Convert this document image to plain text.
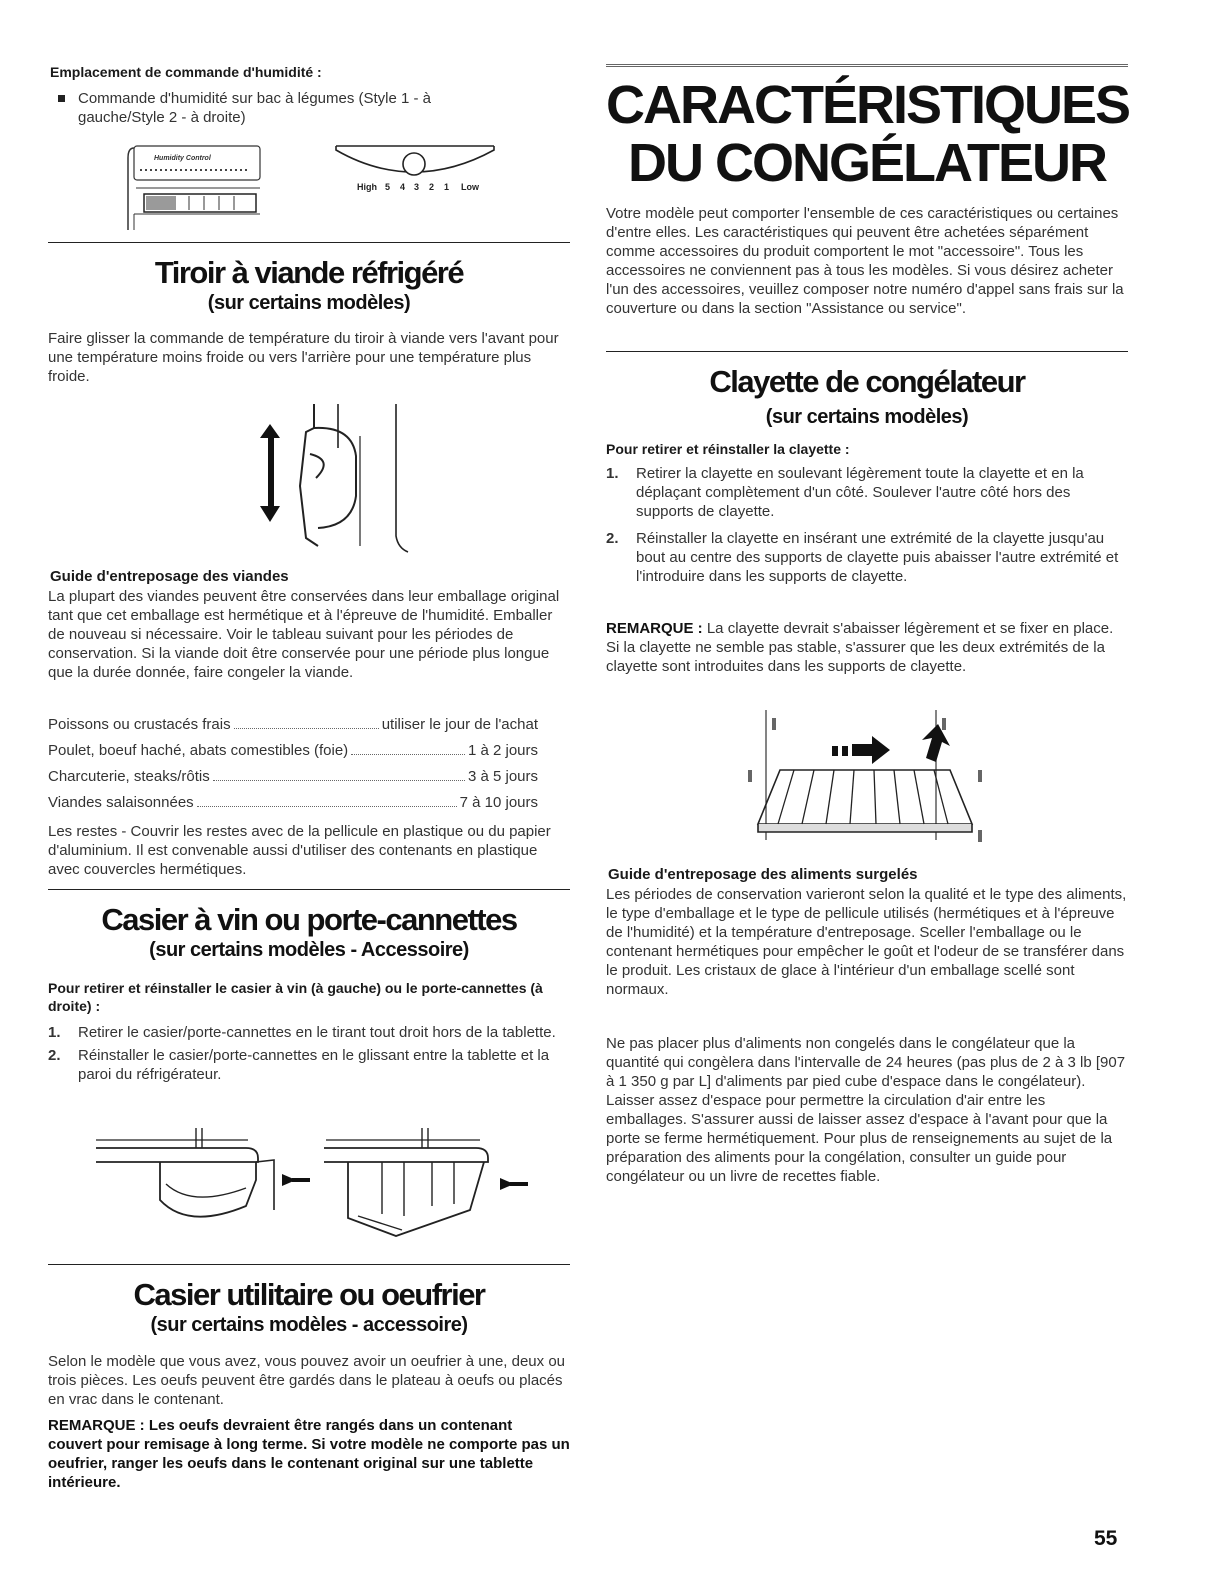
Emplacement de commande d'humidité :

Commande d'humidité sur bac à légumes (Style 1 - à gauche/Style 2 - à droite)
High 5 4 3 2 1 Low
Humidity Control
Tiroir à viande réfrigéré
(sur certains modèles)

Faire glisser la commande de température du tiroir à viande vers l'avant pour une température moins froide ou vers l'arrière pour une température plus froide.

Guide d'entreposage des viandes

La plupart des viandes peuvent être conservées dans leur emballage original tant que cet emballage est hermétique et à l'épreuve de l'humidité. Emballer de nouveau si nécessaire. Voir le tableau suivant pour les périodes de conservation. Si la viande doit être conservée pour une période plus longue que la durée donnée, faire congeler la viande.

Poissons ou crustacés frais	utiliser le jour de l'achat
Poulet, boeuf haché, abats comestibles (foie)	1 à 2 jours
Charcuterie, steaks/rôtis	3 à 5 jours
Viandes salaisonnées	7 à 10 jours

Les restes - Couvrir les restes avec de la pellicule en plastique ou du papier d'aluminium. Il est convenable aussi d'utiliser des contenants en plastique avec couvercles hermétiques.

Casier à vin ou porte-cannettes
(sur certains modèles - Accessoire)

Pour retirer et réinstaller le casier à vin (à gauche) ou le porte-cannettes (à droite) :

1. Retirer le casier/porte-cannettes en le tirant tout droit hors de la tablette.
2. Réinstaller le casier/porte-cannettes en le glissant entre la tablette et la paroi du réfrigérateur.
Casier utilitaire ou oeufrier
(sur certains modèles - accessoire)

Selon le modèle que vous avez, vous pouvez avoir un oeufrier à une, deux ou trois pièces. Les oeufs peuvent être gardés dans le plateau à oeufs ou placés en vrac dans le contenant.

REMARQUE : Les oeufs devraient être rangés dans un contenant couvert pour remisage à long terme. Si votre modèle ne comporte pas un oeufrier, ranger les oeufs dans le contenant original sur une tablette intérieure.

CARACTÉRISTIQUES
DU CONGÉLATEUR

Votre modèle peut comporter l'ensemble de ces caractéristiques ou certaines d'entre elles. Les caractéristiques qui peuvent être achetées séparément comme accessoires du produit comportent le mot "accessoire". Tous les accessoires ne conviennent pas à tous les modèles. Si vous désirez acheter l'un des accessoires, veuillez composer notre numéro d'appel sans frais sur la couverture ou dans la section "Assistance ou service".

Clayette de congélateur
(sur certains modèles)

Pour retirer et réinstaller la clayette :

1. Retirer la clayette en soulevant légèrement toute la clayette et en la déplaçant complètement d'un côté. Soulever l'autre côté hors des supports de clayette.
2. Réinstaller la clayette en insérant une extrémité de la clayette jusqu'au bout au centre des supports de clayette puis abaisser l'autre extrémité et l'introduire dans les supports de clayette.

REMARQUE : La clayette devrait s'abaisser légèrement et se fixer en place. Si la clayette ne semble pas stable, s'assurer que les deux extrémités de la clayette sont introduites dans les supports de clayette.

Guide d'entreposage des aliments surgelés

Les périodes de conservation varieront selon la qualité et le type des aliments, le type d'emballage et le type de pellicule utilisés (hermétiques et à l'épreuve de l'humidité) et la température d'entreposage. Sceller l'emballage ou le contenant hermétiques pour empêcher le goût et l'odeur de se transférer dans le produit. Les cristaux de glace à l'intérieur d'un emballage scellé sont normaux.

Ne pas placer plus d'aliments non congelés dans le congélateur que la quantité qui congèlera dans l'intervalle de 24 heures (pas plus de 2 à 3 lb [907 à 1 350 g par L] d'aliments par pied cube d'espace dans le congélateur). Laisser assez d'espace pour permettre la circulation d'air entre les emballages. S'assurer aussi de laisser assez d'espace à l'avant pour que la porte se ferme hermétiquement. Pour plus de renseignements au sujet de la préparation des aliments pour la congélation, consulter un guide pour congélateur ou un livre de recettes fiable.

55
